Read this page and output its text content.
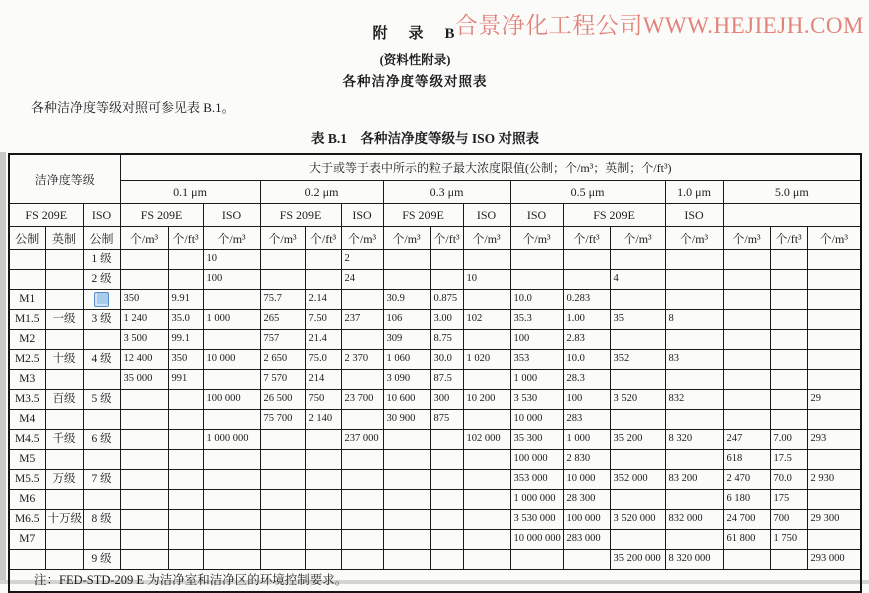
合景净化工程公司WWW.HEJIEJH.COM
附　录　B
(资料性附录)
各种洁净度等级对照表

各种洁净度等级对照可参见表 B.1。

表 B.1　各种洁净度等级与 ISO 对照表
洁净度等级			大于或等于表中所示的粒子最大浓度限值(公制；个/m³；英制；个/ft³)															
			0.1 μm			0.2 μm			0.3 μm			0.5 μm			1.0 μm	5.0 μm		
FS 209E		ISO	FS 209E		ISO	FS 209E		ISO	FS 209E		ISO	ISO	FS 209E		ISO			
公制	英制	公制	个/m³	个/ft³	个/m³	个/m³	个/ft³	个/m³	个/m³	个/ft³	个/m³	个/m³	个/ft³	个/m³	个/m³	个/m³	个/ft³	个/m³
		1 级			10			2										
		2 级			100			24			10			4				
M1			350	9.91		75.7	2.14		30.9	0.875		10.0	0.283					
M1.5	一级	3 级	1 240	35.0	1 000	265	7.50	237	106	3.00	102	35.3	1.00	35	8			
M2			3 500	99.1		757	21.4		309	8.75		100	2.83					
M2.5	十级	4 级	12 400	350	10 000	2 650	75.0	2 370	1 060	30.0	1 020	353	10.0	352	83			
M3			35 000	991		7 570	214		3 090	87.5		1 000	28.3					
M3.5	百级	5 级			100 000	26 500	750	23 700	10 600	300	10 200	3 530	100	3 520	832			29
M4						75 700	2 140		30 900	875		10 000	283					
M4.5	千级	6 级			1 000 000			237 000			102 000	35 300	1 000	35 200	8 320	247	7.00	293
M5												100 000	2 830			618	17.5	
M5.5	万级	7 级										353 000	10 000	352 000	83 200	2 470	70.0	2 930
M6												1 000 000	28 300			6 180	175	
M6.5	十万级	8 级										3 530 000	100 000	3 520 000	832 000	24 700	700	29 300
M7												10 000 000	283 000			61 800	1 750	
		9 级												35 200 000	8 320 000			293 000
注：FED-STD-209 E 为洁净室和洁净区的环境控制要求。																		
